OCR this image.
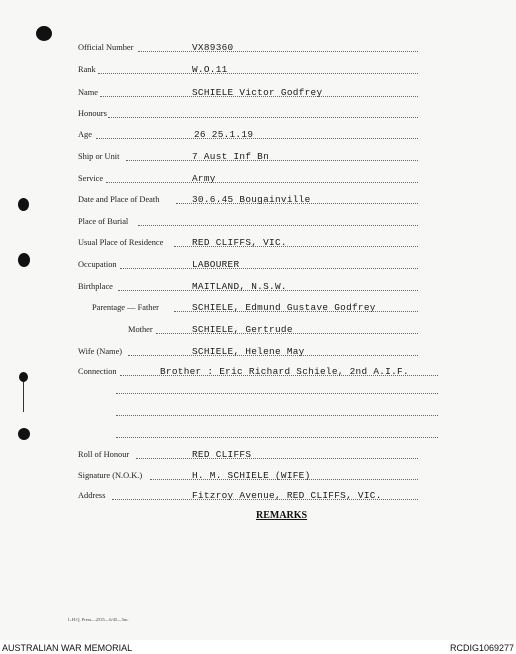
Official Number	VX89360
Rank	W.O.11
Name	SCHIELE Victor Godfrey
Honours
Age	26 25.1.19
Ship or Unit	7 Aust Inf Bn
Service	Army
Date and Place of Death	30.6.45 Bougainville
Place of Burial
Usual Place of Residence	RED CLIFFS, VIC.
Occupation	LABOURER
Birthplace	MAITLAND, N.S.W.
Parentage — Father	SCHIELE, Edmund Gustave Godfrey
Mother	SCHIELE, Gertrude
Wife (Name)	SCHIELE, Helene May
Connection	Brother : Eric Richard Schiele, 2nd A.I.F.
Roll of Honour	RED CLIFFS
Signature (N.O.K.)	H. M. SCHIELE (WIFE)
Address	Fitzroy Avenue, RED CLIFFS, VIC.
REMARKS
L.H.Q. Press—2535—6/45—5m.
AUSTRALIAN WAR MEMORIAL	RCDIG1069277
